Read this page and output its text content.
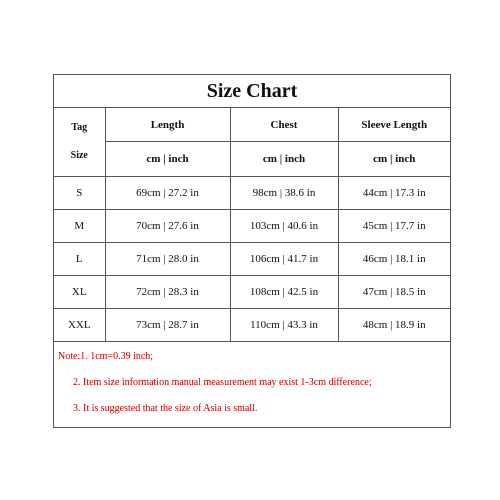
Size Chart
Tag
Size	Length	Chest	Sleeve Length
	cm | inch	cm | inch	cm | inch
S	69cm | 27.2 in	98cm | 38.6 in	44cm | 17.3 in
M	70cm | 27.6 in	103cm | 40.6 in	45cm | 17.7 in
L	71cm | 28.0 in	106cm | 41.7 in	46cm | 18.1 in
XL	72cm | 28.3 in	108cm | 42.5 in	47cm | 18.5 in
XXL	73cm | 28.7 in	110cm | 43.3 in	48cm | 18.9 in
Note:1. 1cm=0.39 inch;
2. Item size information manual measurement may exist 1-3cm difference;
3. It is suggested that the size of Asia is small.
